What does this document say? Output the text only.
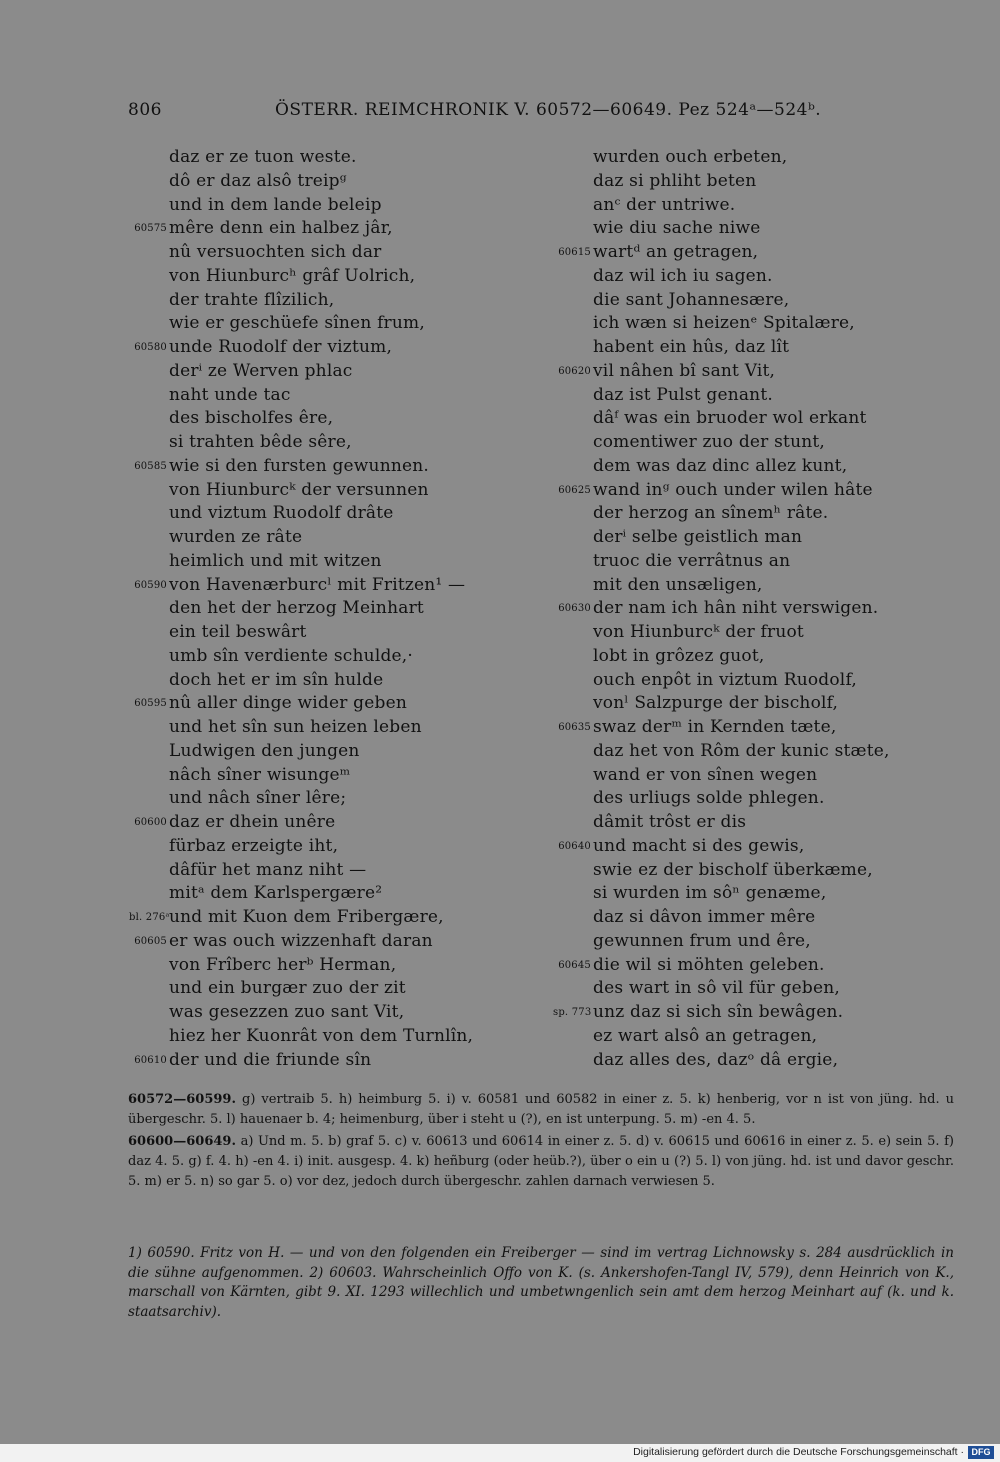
806	ÖSTERR. REIMCHRONIK V. 60572—60649. Pez 524ᵃ—524ᵇ.
daz er ze tuon weste.
dô er daz alsô treipᵍ
und in dem lande beleip
60575 mêre denn ein halbez jâr,
nû versuochten sich dar
von Hiunburcʰ grâf Uolrich,
der trahte flîzilich,
wie er geschüefe sînen frum,
60580 unde Ruodolf der viztum,
derⁱ ze Werven phlac
naht unde tac
des bischolfes êre,
si trahten bêde sêre,
60585 wie si den fursten gewunnen.
von Hiunburcᵏ der versunnen
und viztum Ruodolf drâte
wurden ze râte
heimlich und mit witzen
60590 von Havenærburcˡ mit Fritzen¹ —
den het der herzog Meinhart
ein teil beswârt
umb sîn verdiente schulde,·
doch het er im sîn hulde
60595 nû aller dinge wider geben
und het sîn sun heizen leben
Ludwigen den jungen
nâch sîner wisungeᵐ
und nâch sîner lêre;
60600 daz er dhein unêre
fürbaz erzeigte iht,
dâfür het manz niht —
mitᵃ dem Karlspergære²
bl. 276ᵃ und mit Kuon dem Fribergære,
60605 er was ouch wizzenhaft daran
von Frîberc herᵇ Herman,
und ein burgær zuo der zit
was gesezzen zuo sant Vit,
hiez her Kuonrât von dem Turnlîn,
60610 der und die friunde sîn
wurden ouch erbeten,
daz si phliht beten
anᶜ der untriwe.
wie diu sache niwe
60615 wartᵈ an getragen,
daz wil ich iu sagen.
die sant Johannesære,
ich wæn si heizenᵉ Spitalære,
habent ein hûs, daz lît
60620 vil nâhen bî sant Vit,
daz ist Pulst genant.
dâᶠ was ein bruoder wol erkant
comentiwer zuo der stunt,
dem was daz dinc allez kunt,
60625 wand inᵍ ouch under wilen hâte
der herzog an sînemʰ râte.
derⁱ selbe geistlich man
truoc die verrâtnus an
mit den unsæligen,
60630 der nam ich hân niht verswigen.
von Hiunburcᵏ der fruot
lobt in grôzez guot,
ouch enpôt in viztum Ruodolf,
vonˡ Salzpurge der bischolf,
60635 swaz derᵐ in Kernden tæte,
daz het von Rôm der kunic stæte,
wand er von sînen wegen
des urliugs solde phlegen.
dâmit trôst er dis
60640 und macht si des gewis,
swie ez der bischolf überkæme,
si wurden im sôⁿ genæme,
daz si dâvon immer mêre
gewunnen frum und êre,
60645 die wil si möhten geleben.
des wart in sô vil für geben,
sp. 773 unz daz si sich sîn bewâgen.
ez wart alsô an getragen,
daz alles des, dazᵒ dâ ergie,

60572—60599. g) vertraib 5. h) heimburg 5. i) v. 60581 und 60582 in einer z. 5. k) henberig, vor n ist von jüng. hd. u übergeschr. 5. l) hauenaer b. 4; heimenburg, über i steht u (?), en ist unterpung. 5. m) -en 4. 5.

60600—60649. a) Und m. 5. b) graf 5. c) v. 60613 und 60614 in einer z. 5. d) v. 60615 und 60616 in einer z. 5. e) sein 5. f) daz 4. 5. g) f. 4. h) -en 4. i) init. ausgesp. 4. k) heñburg (oder heüb.?), über o ein u (?) 5. l) von jüng. hd. ist und davor geschr. 5. m) er 5. n) so gar 5. o) vor dez, jedoch durch übergeschr. zahlen darnach verwiesen 5.

1) 60590. Fritz von H. — und von den folgenden ein Freiberger — sind im vertrag Lichnowsky s. 284 ausdrücklich in die sühne aufgenommen. 2) 60603. Wahrscheinlich Offo von K. (s. Ankershofen-Tangl IV, 579), denn Heinrich von K., marschall von Kärnten, gibt 9. XI. 1293 willechlich und umbetwngenlich sein amt dem herzog Meinhart auf (k. und k. staatsarchiv).

Digitalisierung gefördert durch die Deutsche Forschungsgemeinschaft · DFG
